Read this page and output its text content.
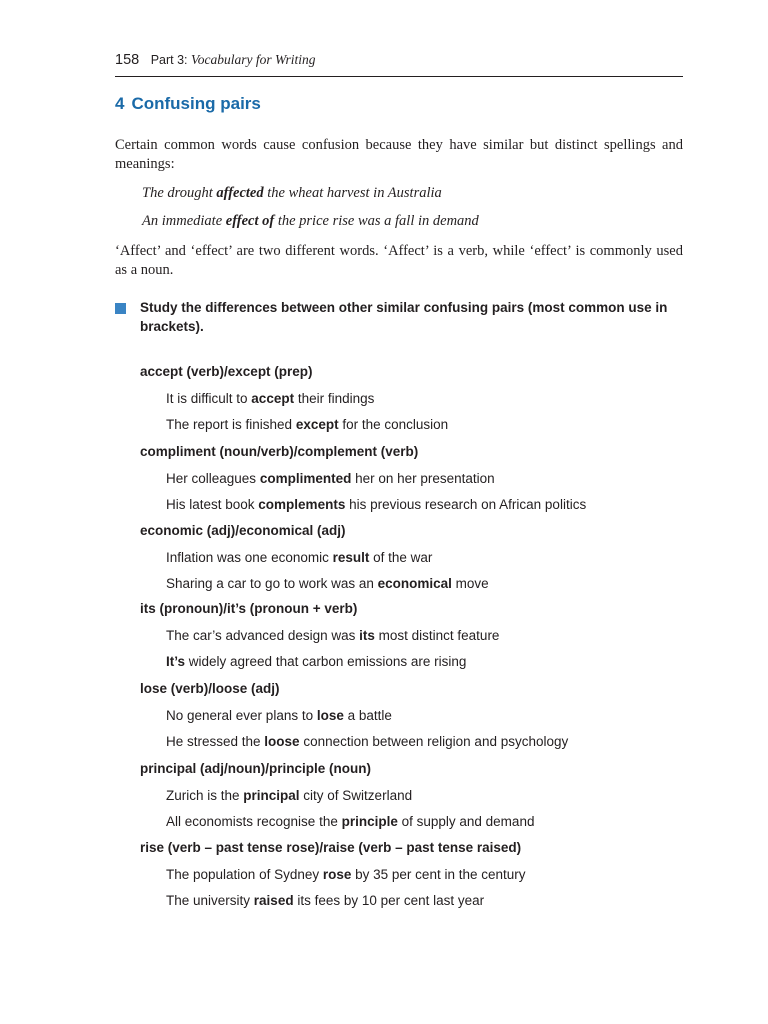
158 Part 3: Vocabulary for Writing
4 Confusing pairs
Certain common words cause confusion because they have similar but distinct spellings and meanings:
The drought affected the wheat harvest in Australia
An immediate effect of the price rise was a fall in demand
‘Affect’ and ‘effect’ are two different words. ‘Affect’ is a verb, while ‘effect’ is commonly used as a noun.
Study the differences between other similar confusing pairs (most common use in brackets).
accept (verb)/except (prep)
It is difficult to accept their findings
The report is finished except for the conclusion
compliment (noun/verb)/complement (verb)
Her colleagues complimented her on her presentation
His latest book complements his previous research on African politics
economic (adj)/economical (adj)
Inflation was one economic result of the war
Sharing a car to go to work was an economical move
its (pronoun)/it’s (pronoun + verb)
The car’s advanced design was its most distinct feature
It’s widely agreed that carbon emissions are rising
lose (verb)/loose (adj)
No general ever plans to lose a battle
He stressed the loose connection between religion and psychology
principal (adj/noun)/principle (noun)
Zurich is the principal city of Switzerland
All economists recognise the principle of supply and demand
rise (verb – past tense rose)/raise (verb – past tense raised)
The population of Sydney rose by 35 per cent in the century
The university raised its fees by 10 per cent last year
